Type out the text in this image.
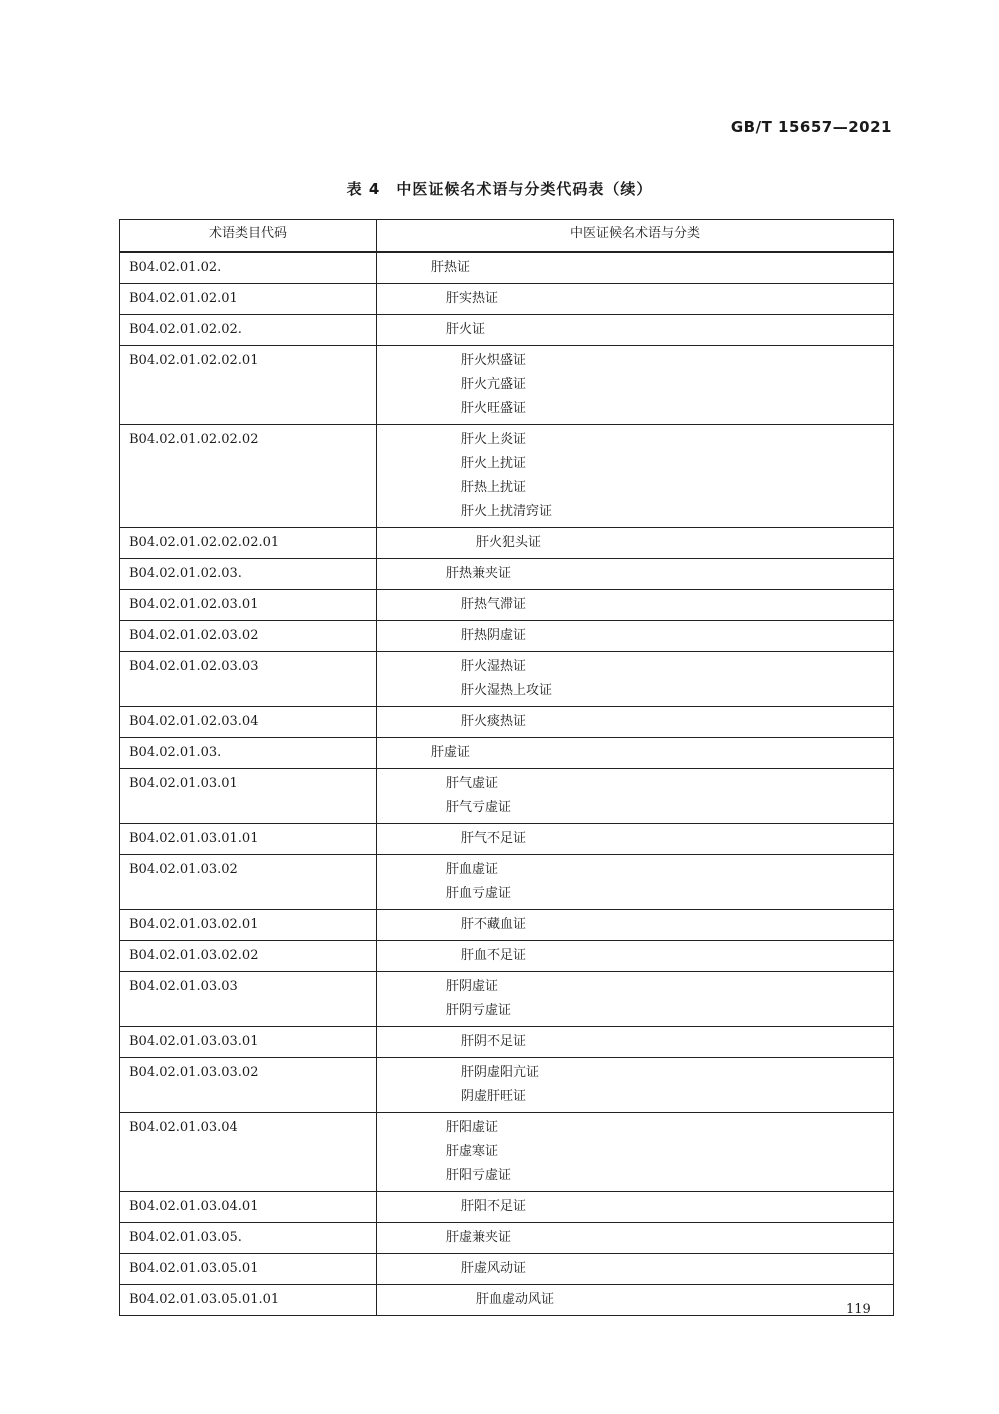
GB/T 15657—2021
表 4　中医证候名术语与分类代码表（续）
术语类目代码	中医证候名术语与分类
B04.02.01.02.	肝热证

B04.02.01.02.01	肝实热证

B04.02.01.02.02.	肝火证

B04.02.01.02.02.01	肝火炽盛证
肝火亢盛证
肝火旺盛证

B04.02.01.02.02.02	肝火上炎证
肝火上扰证
肝热上扰证
肝火上扰清窍证

B04.02.01.02.02.02.01	肝火犯头证

B04.02.01.02.03.	肝热兼夹证

B04.02.01.02.03.01	肝热气滞证

B04.02.01.02.03.02	肝热阴虚证

B04.02.01.02.03.03	肝火湿热证
肝火湿热上攻证

B04.02.01.02.03.04	肝火痰热证

B04.02.01.03.	肝虚证

B04.02.01.03.01	肝气虚证
肝气亏虚证

B04.02.01.03.01.01	肝气不足证

B04.02.01.03.02	肝血虚证
肝血亏虚证

B04.02.01.03.02.01	肝不藏血证

B04.02.01.03.02.02	肝血不足证

B04.02.01.03.03	肝阴虚证
肝阴亏虚证

B04.02.01.03.03.01	肝阴不足证

B04.02.01.03.03.02	肝阴虚阳亢证
阴虚肝旺证

B04.02.01.03.04	肝阳虚证
肝虚寒证
肝阳亏虚证

B04.02.01.03.04.01	肝阳不足证

B04.02.01.03.05.	肝虚兼夹证

B04.02.01.03.05.01	肝虚风动证

B04.02.01.03.05.01.01	肝血虚动风证
119
